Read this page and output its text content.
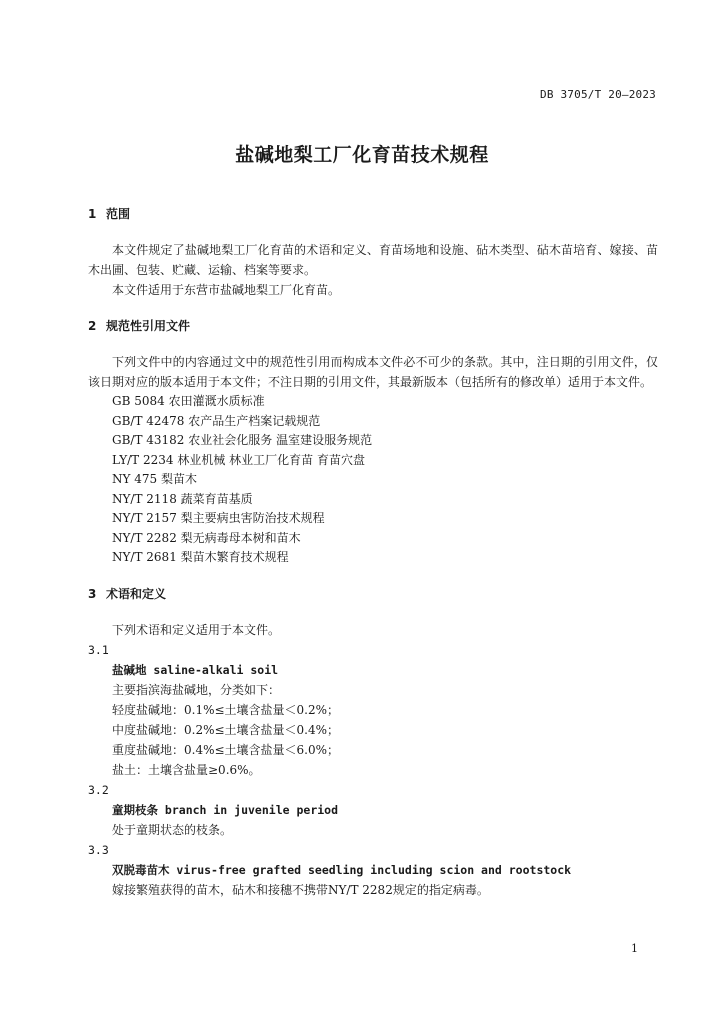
DB 3705/T 20—2023
盐碱地梨工厂化育苗技术规程
1 范围
本文件规定了盐碱地梨工厂化育苗的术语和定义、育苗场地和设施、砧木类型、砧木苗培育、嫁接、苗木出圃、包装、贮藏、运输、档案等要求。
本文件适用于东营市盐碱地梨工厂化育苗。
2 规范性引用文件
下列文件中的内容通过文中的规范性引用而构成本文件必不可少的条款。其中，注日期的引用文件，仅该日期对应的版本适用于本文件；不注日期的引用文件，其最新版本（包括所有的修改单）适用于本文件。
GB 5084 农田灌溉水质标准
GB/T 42478 农产品生产档案记载规范
GB/T 43182 农业社会化服务 温室建设服务规范
LY/T 2234 林业机械 林业工厂化育苗 育苗穴盘
NY 475 梨苗木
NY/T 2118 蔬菜育苗基质
NY/T 2157 梨主要病虫害防治技术规程
NY/T 2282 梨无病毒母本树和苗木
NY/T 2681 梨苗木繁育技术规程
3 术语和定义
下列术语和定义适用于本文件。
3.1
盐碱地 saline-alkali soil
主要指滨海盐碱地，分类如下：
轻度盐碱地：0.1%≤土壤含盐量＜0.2%；
中度盐碱地：0.2%≤土壤含盐量＜0.4%；
重度盐碱地：0.4%≤土壤含盐量＜6.0%；
盐土：土壤含盐量≥0.6%。
3.2
童期枝条 branch in juvenile period
处于童期状态的枝条。
3.3
双脱毒苗木 virus-free grafted seedling including scion and rootstock
嫁接繁殖获得的苗木，砧木和接穗不携带NY/T 2282规定的指定病毒。
1
